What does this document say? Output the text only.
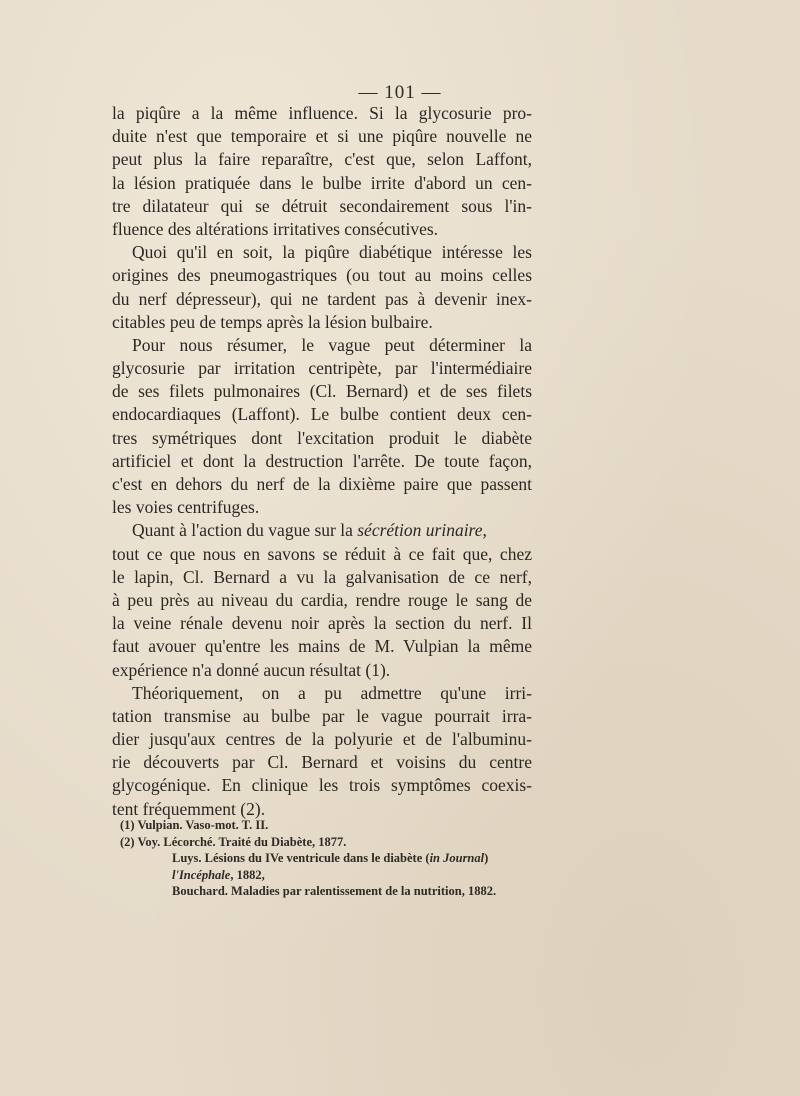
— 101 —
la piqûre a la même influence. Si la glycosurie pro-
duite n'est que temporaire et si une piqûre nouvelle ne
peut plus la faire reparaître, c'est que, selon Laffont,
la lésion pratiquée dans le bulbe irrite d'abord un cen-
tre dilatateur qui se détruit secondairement sous l'in-
fluence des altérations irritatives consécutives.
Quoi qu'il en soit, la piqûre diabétique intéresse les
origines des pneumogastriques (ou tout au moins celles
du nerf dépresseur), qui ne tardent pas à devenir inex-
citables peu de temps après la lésion bulbaire.
Pour nous résumer, le vague peut déterminer la
glycosurie par irritation centripète, par l'intermédiaire
de ses filets pulmonaires (Cl. Bernard) et de ses filets
endocardiaques (Laffont). Le bulbe contient deux cen-
tres symétriques dont l'excitation produit le diabète
artificiel et dont la destruction l'arrête. De toute façon,
c'est en dehors du nerf de la dixième paire que passent
les voies centrifuges.
Quant à l'action du vague sur la sécrétion urinaire,
tout ce que nous en savons se réduit à ce fait que, chez
le lapin, Cl. Bernard a vu la galvanisation de ce nerf,
à peu près au niveau du cardia, rendre rouge le sang de
la veine rénale devenu noir après la section du nerf. Il
faut avouer qu'entre les mains de M. Vulpian la même
expérience n'a donné aucun résultat (1).
Théoriquement, on a pu admettre qu'une irri-
tation transmise au bulbe par le vague pourrait irra-
dier jusqu'aux centres de la polyurie et de l'albuminu-
rie découverts par Cl. Bernard et voisins du centre
glycogénique. En clinique les trois symptômes coexis-
tent fréquemment (2).
(1) Vulpian. Vaso-mot. T. II.
(2) Voy. Lécorché. Traité du Diabète, 1877.
Luys. Lésions du IVe ventricule dans le diabète (in Journal)
l'Incéphale, 1882,
Bouchard. Maladies par ralentissement de la nutrition, 1882.
